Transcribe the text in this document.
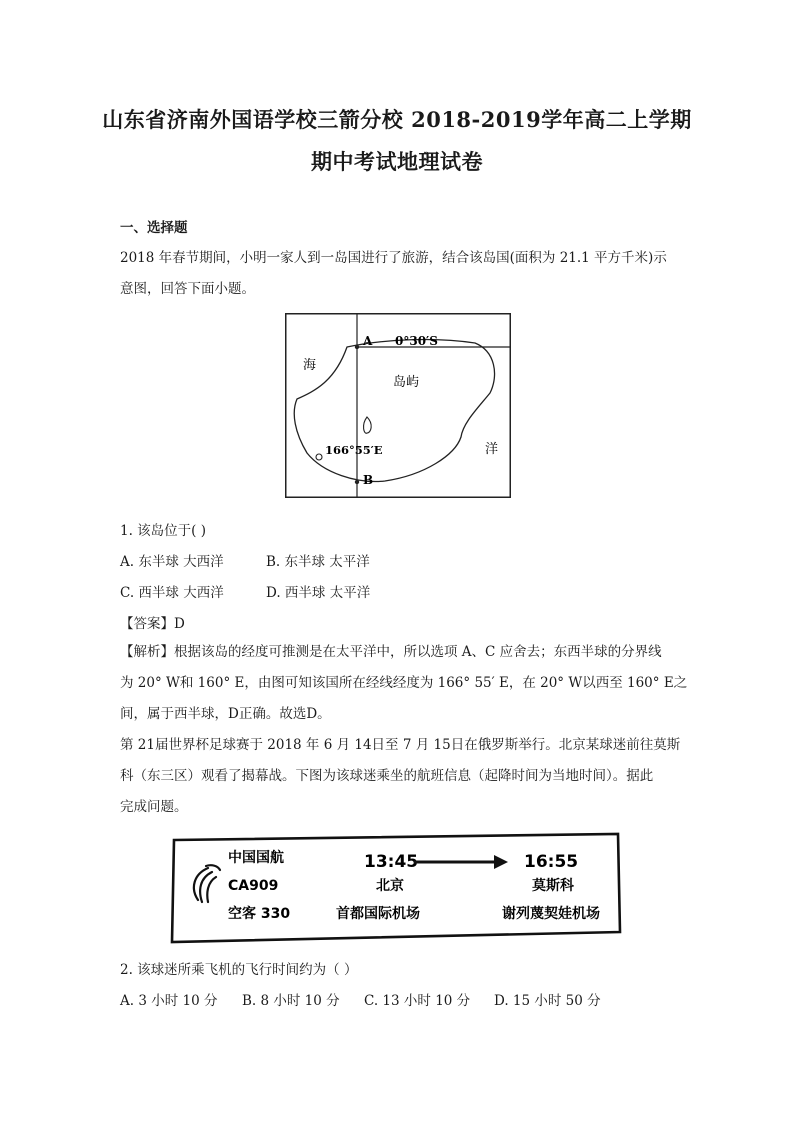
山东省济南外国语学校三箭分校 2018-2019学年高二上学期
期中考试地理试卷
一、选择题
2018 年春节期间，小明一家人到一岛国进行了旅游，结合该岛国(面积为 21.1 平方千米)示
意图，回答下面小题。
A
B
0°30′S
166°55′E
海
岛屿
洋
1. 该岛位于( )
A. 东半球 大西洋	B. 东半球 太平洋
C. 西半球 大西洋	D. 西半球 太平洋
【答案】D
【解析】根据该岛的经度可推测是在太平洋中，所以选项 A、C 应舍去；东西半球的分界线
为 20° W和 160° E，由图可知该国所在经线经度为 166° 55′ E，在 20° W以西至 160° E之
间，属于西半球，D正确。故选D。
第 21届世界杯足球赛于 2018 年 6 月 14日至 7 月 15日在俄罗斯举行。北京某球迷前往莫斯
科（东三区）观看了揭幕战。下图为该球迷乘坐的航班信息（起降时间为当地时间）。据此
完成问题。
中国国航
CA909
空客 330
13:45	16:55
北京	莫斯科
首都国际机场	谢列蔑契娃机场
2. 该球迷所乘飞机的飞行时间约为（ ）
A. 3 小时 10 分 B. 8 小时 10 分 C. 13 小时 10 分 D. 15 小时 50 分
